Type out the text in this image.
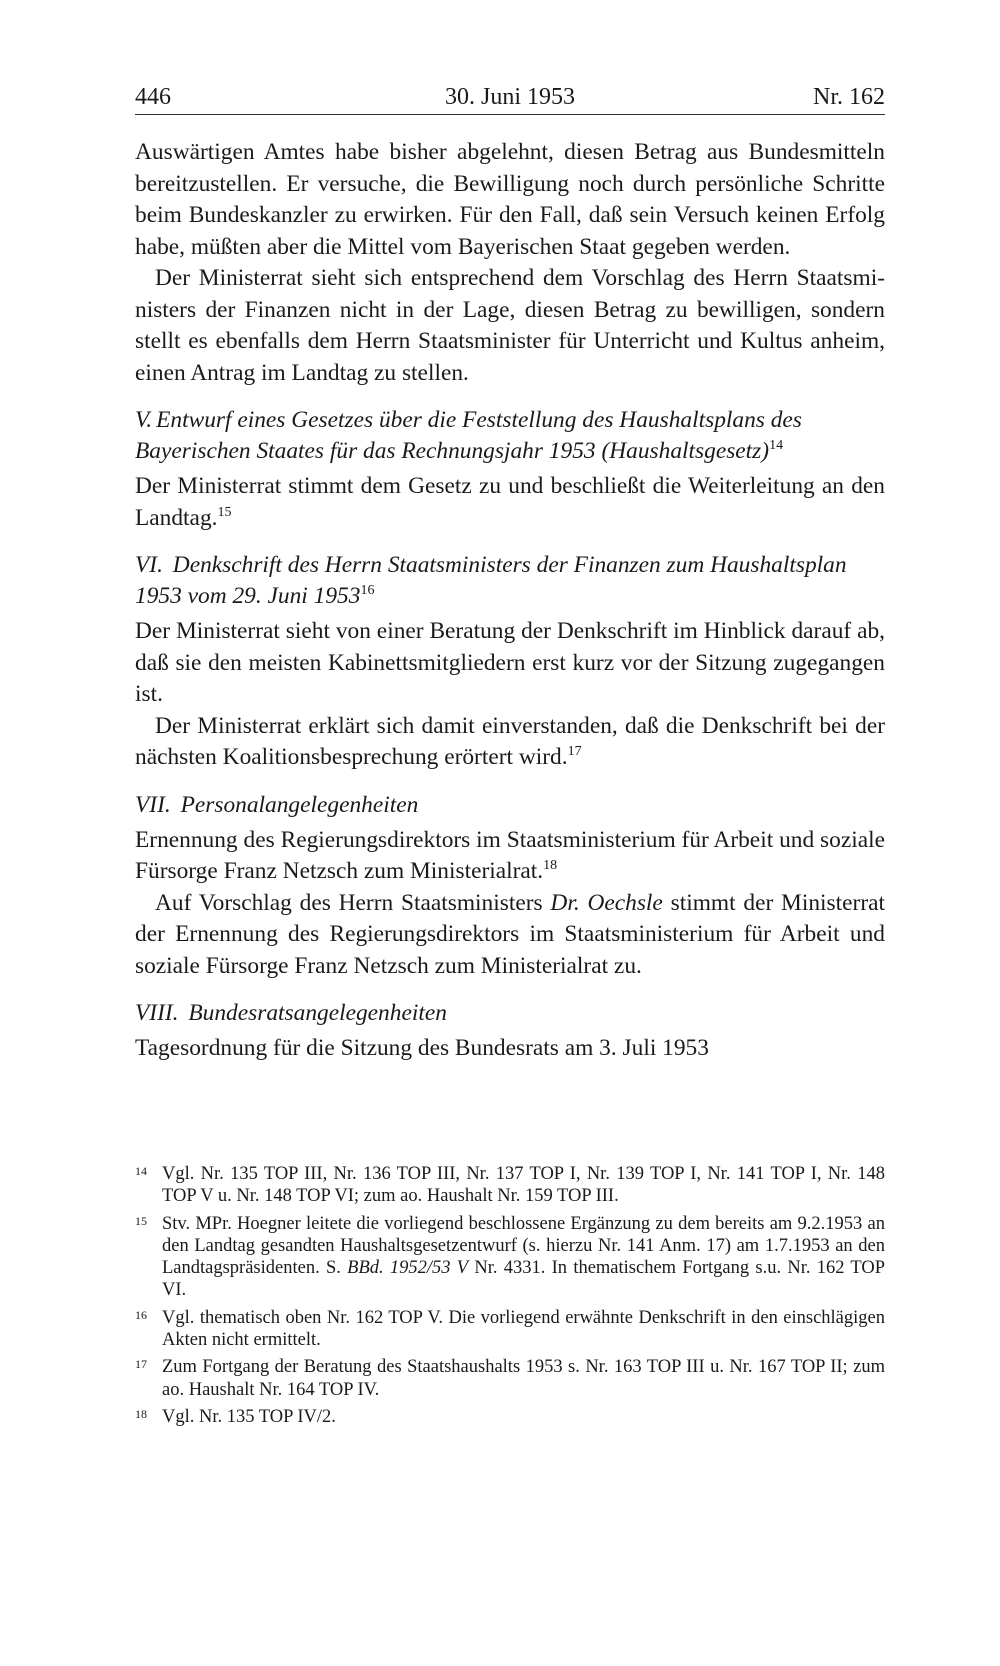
446	30. Juni 1953	Nr. 162

Auswärtigen Amtes habe bisher abgelehnt, diesen Betrag aus Bundesmitteln bereitzustellen. Er versuche, die Bewilligung noch durch persönliche Schritte beim Bundeskanzler zu erwirken. Für den Fall, daß sein Versuch keinen Erfolg habe, müßten aber die Mittel vom Bayerischen Staat gegeben werden.

Der Ministerrat sieht sich entsprechend dem Vorschlag des Herrn Staatsministers der Finanzen nicht in der Lage, diesen Betrag zu bewilligen, sondern stellt es ebenfalls dem Herrn Staatsminister für Unterricht und Kultus anheim, einen Antrag im Landtag zu stellen.

V. Entwurf eines Gesetzes über die Feststellung des Haushaltsplans des Bayerischen Staates für das Rechnungsjahr 1953 (Haushaltsgesetz)$^{14}$

Der Ministerrat stimmt dem Gesetz zu und beschließt die Weiterleitung an den Landtag.$^{15}$

VI. Denkschrift des Herrn Staatsministers der Finanzen zum Haushaltsplan 1953 vom 29. Juni 1953$^{16}$

Der Ministerrat sieht von einer Beratung der Denkschrift im Hinblick darauf ab, daß sie den meisten Kabinettsmitgliedern erst kurz vor der Sitzung zugegangen ist.

Der Ministerrat erklärt sich damit einverstanden, daß die Denkschrift bei der nächsten Koalitionsbesprechung erörtert wird.$^{17}$

VII. Personalangelegenheiten

Ernennung des Regierungsdirektors im Staatsministerium für Arbeit und soziale Fürsorge Franz Netzsch zum Ministerialrat.$^{18}$

Auf Vorschlag des Herrn Staatsministers Dr. Oechsle stimmt der Ministerrat der Ernennung des Regierungsdirektors im Staatsministerium für Arbeit und soziale Fürsorge Franz Netzsch zum Ministerialrat zu.

VIII. Bundesratsangelegenheiten

Tagesordnung für die Sitzung des Bundesrats am 3. Juli 1953

14 Vgl. Nr. 135 TOP III, Nr. 136 TOP III, Nr. 137 TOP I, Nr. 139 TOP I, Nr. 141 TOP I, Nr. 148 TOP V u. Nr. 148 TOP VI; zum ao. Haushalt Nr. 159 TOP III.
15 Stv. MPr. Hoegner leitete die vorliegend beschlossene Ergänzung zu dem bereits am 9.2.1953 an den Landtag gesandten Haushaltsgesetzentwurf (s. hierzu Nr. 141 Anm. 17) am 1.7.1953 an den Landtagspräsidenten. S. BBd. 1952/53 V Nr. 4331. In thematischem Fortgang s.u. Nr. 162 TOP VI.
16 Vgl. thematisch oben Nr. 162 TOP V. Die vorliegend erwähnte Denkschrift in den einschlägigen Akten nicht ermittelt.
17 Zum Fortgang der Beratung des Staatshaushalts 1953 s. Nr. 163 TOP III u. Nr. 167 TOP II; zum ao. Haushalt Nr. 164 TOP IV.
18 Vgl. Nr. 135 TOP IV/2.
